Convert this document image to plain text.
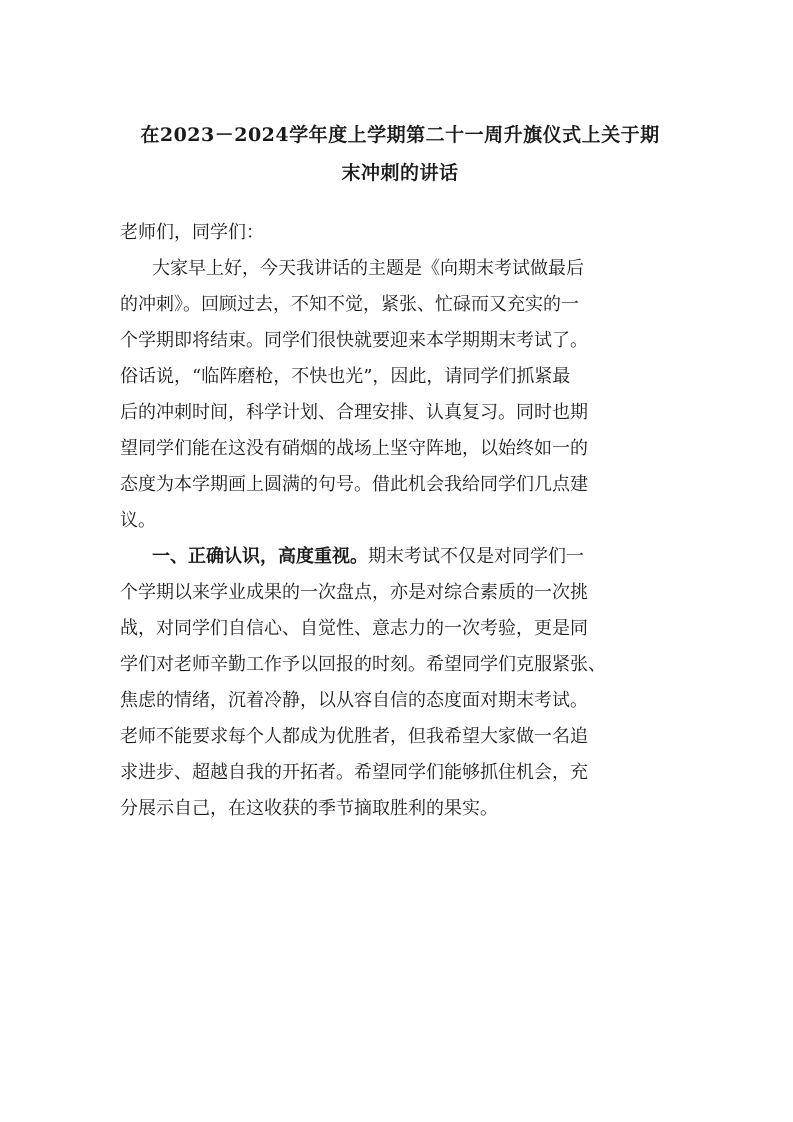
在2023－2024学年度上学期第二十一周升旗仪式上关于期
末冲刺的讲话

老师们，同学们：

大家早上好，今天我讲话的主题是《向期末考试做最后
的冲刺》。回顾过去，不知不觉，紧张、忙碌而又充实的一
个学期即将结束。同学们很快就要迎来本学期期末考试了。
俗话说，“临阵磨枪，不快也光”，因此，请同学们抓紧最
后的冲刺时间，科学计划、合理安排、认真复习。同时也期
望同学们能在这没有硝烟的战场上坚守阵地，以始终如一的
态度为本学期画上圆满的句号。借此机会我给同学们几点建
议。

一、正确认识，高度重视。期末考试不仅是对同学们一
个学期以来学业成果的一次盘点，亦是对综合素质的一次挑
战，对同学们自信心、自觉性、意志力的一次考验，更是同
学们对老师辛勤工作予以回报的时刻。希望同学们克服紧张、
焦虑的情绪，沉着冷静，以从容自信的态度面对期末考试。
老师不能要求每个人都成为优胜者，但我希望大家做一名追
求进步、超越自我的开拓者。希望同学们能够抓住机会，充
分展示自己，在这收获的季节摘取胜利的果实。
